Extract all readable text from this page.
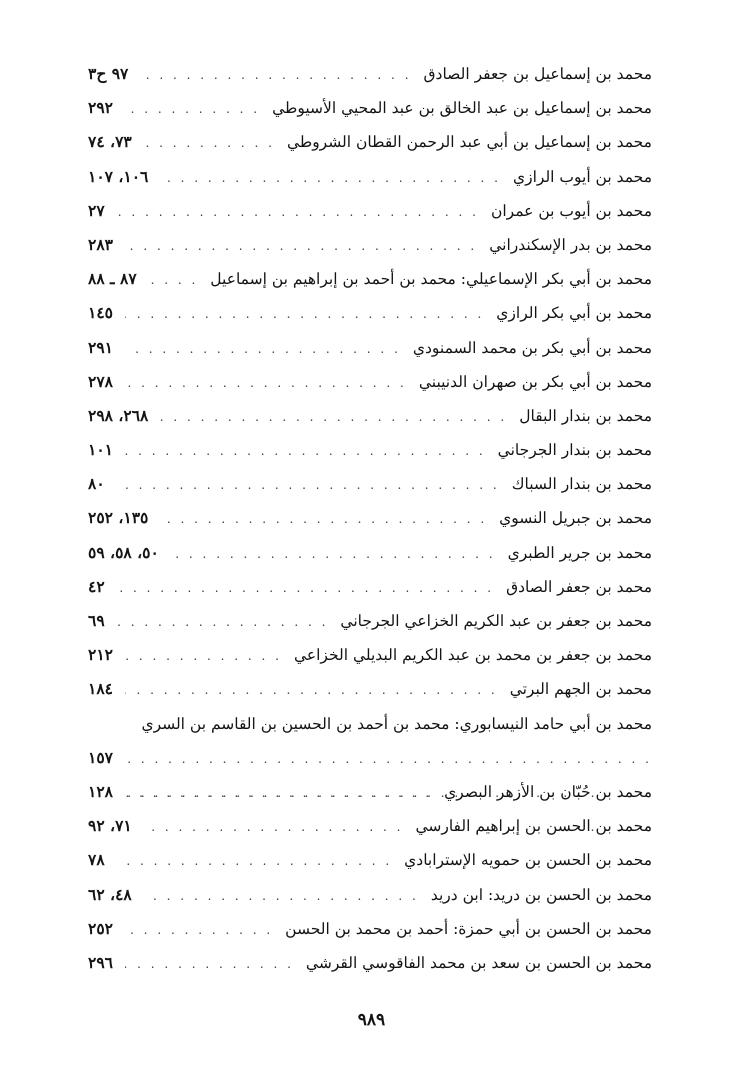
محمد بن إسماعيل بن جعفر الصادق
. . .
٩٧ ح٣
محمد بن إسماعيل بن عبد الخالق بن عبد المحيي الأسيوطي
. . .
٢٩٢
محمد بن إسماعيل بن أبي عبد الرحمن القطان الشروطي
. . .
٧٣، ٧٤
محمد بن أيوب الرازي
. . .
١٠٦، ١٠٧
محمد بن أيوب بن عمران
. . .
٢٧
محمد بن بدر الإسكندراني
. . .
٢٨٣
محمد بن أبي بكر الإسماعيلي: محمد بن أحمد بن إبراهيم بن إسماعيل
. . .
٨٧ ـ ٨٨
محمد بن أبي بكر الرازي
. . .
١٤٥
محمد بن أبي بكر بن محمد السمنودي
. . .
٢٩١
محمد بن أبي بكر بن صهران الدنيبني
. . .
٢٧٨
محمد بن بندار البقال
. . .
٢٦٨، ٢٩٨
محمد بن بندار الجرجاني
. . .
١٠١
محمد بن بندار السباك
. . .
٨٠
محمد بن جبريل النسوي
. . .
١٣٥، ٢٥٢
محمد بن جرير الطبري
. . .
٥٠، ٥٨، ٥٩
محمد بن جعفر الصادق
. . .
٤٢
محمد بن جعفر بن عبد الكريم الخزاعي الجرجاني
. . .
٦٩
محمد بن جعفر بن محمد بن عبد الكريم البديلي الخزاعي
. . .
٢١٢
محمد بن الجهم البرتي
. . .
١٨٤
محمد بن أبي حامد النيسابوري: محمد بن أحمد بن الحسين بن القاسم بن السري
. . .
١٥٧
محمد بن حُبّان بن الأزهر البصري
. . .
١٢٨
محمد بن الحسن بن إبراهيم الفارسي
. . .
٧١، ٩٢
محمد بن الحسن بن حمويه الإسترابادي
. . .
٧٨
محمد بن الحسن بن دريد: ابن دريد
. . .
٤٨، ٦٢
محمد بن الحسن بن أبي حمزة: أحمد بن محمد بن الحسن
. . .
٢٥٢
محمد بن الحسن بن سعد بن محمد الفاقوسي القرشي
. . .
٢٩٦
٩٨٩
